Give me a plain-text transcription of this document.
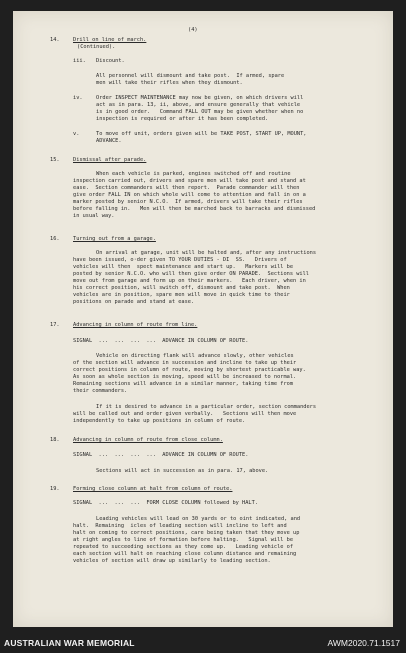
(4)
14.	Drill on line of march.
(Continued).
iii. Discount.
All personnel will dismount and take post.  If armed, spare
men will take their rifles when they dismount.
iv.	Order INSPECT MAINTENANCE may now be given, on which drivers will
act as in para. 13, ii, above, and ensure generally that vehicle
is in good order.   Command FALL OUT may be given whether when no
inspection is required or after it has been completed.
v.	To move off unit, orders given will be TAKE POST, START UP, MOUNT,
ADVANCE.
15.	Dismissal after parade.
When each vehicle is parked, engines switched off and routine
inspection carried out, drivers and spare men will take post and stand at
ease.  Section commanders will then report.  Parade commander will then
give order FALL IN on which whole will come to attention and fall in on a
marker posted by senior N.C.O.  If armed, drivers will take their rifles
before falling in.   Men will then be marched back to barracks and dismissed
in usual way.
16.	Turning out from a garage.
On arrival at garage, unit will be halted and, after any instructions
have been issued, o·der given TO YOUR DUTIES - DI  SS.   Drivers of
vehicles will then  spect maintenance and start up.   Markers will be
posted by senior N.C.O. who will then give order ON PARADE.  Sections will
move out from garage and form up on their markers.   Each driver, when in
his correct position, will switch off, dismount and take post.  When
vehicles are in position, spare men will move in quick time to their
positions on parade and stand at ease.
17.	Advancing in column of route from line.
SIGNAL  ...  ...  ...  ...  ADVANCE IN COLUMN OF ROUTE.
Vehicle on directing flank will advance slowly, other vehicles
of the section will advance in succession and incline to take up their
correct positions in column of route, moving by shortest practicable way.
As soon as whole section is moving, speed will be increased to normal.
Remaining sections will advance in a similar manner, taking time from
their commanders.
If it is desired to advance in a particular order, section commanders
will be called out and order given verbally.   Sections will then move
independently to take up positions in column of route.
18.	Advancing in column of route from close column.
SIGNAL  ...  ...  ...  ...  ADVANCE IN COLUMN OF ROUTE.
Sections will act in succession as in para. 17, above.
19.	Forming close column at halt from column of route.
SIGNAL  ...  ...  ...  FORM CLOSE COLUMN followed by HALT.
Leading vehicles will lead on 30 yards or to oint indicated, and
halt.  Remaining  icles of leading section will incline to left and
halt on coming to correct positions, care being taken that they move up
at right angles to line of formation before halting.   Signal will be
repeated to succeeding sections as they come up.   Leading vehicle of
each section will halt on reaching close column distance and remaining
vehicles of section will draw up similarly to leading section.
AUSTRALIAN WAR MEMORIAL	AWM2020.71.1517
